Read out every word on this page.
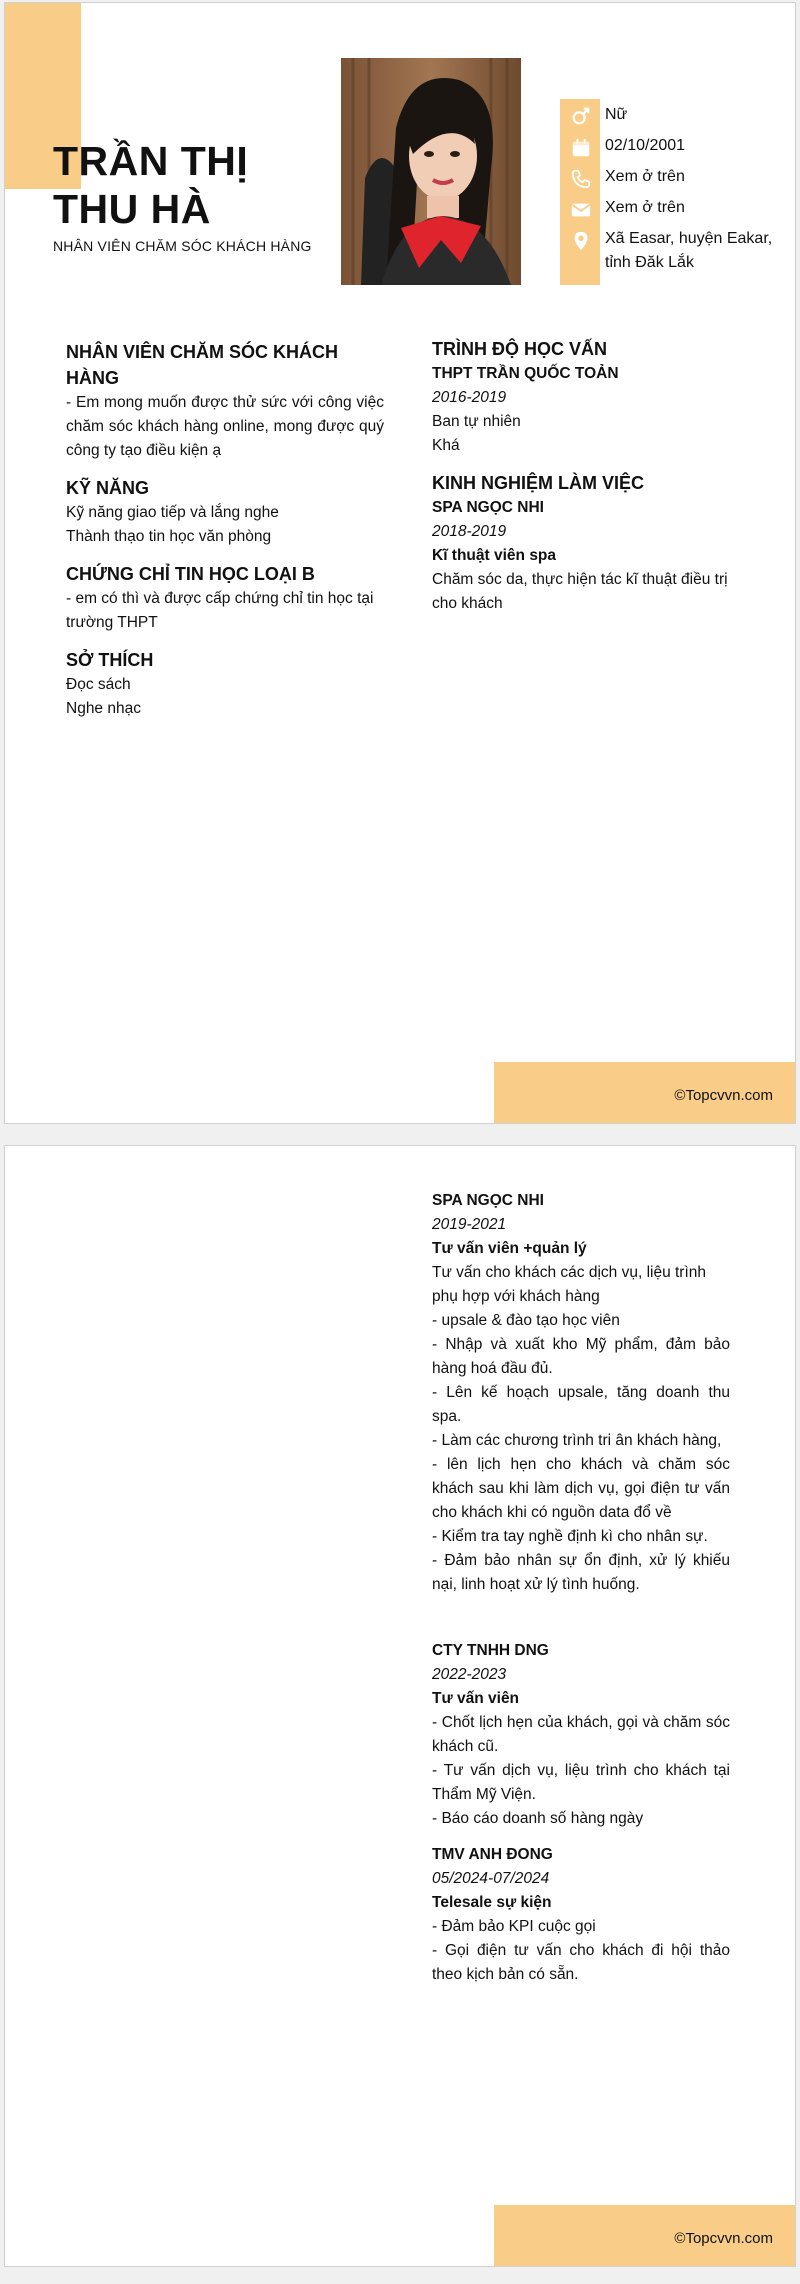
TRẦN THỊ THU HÀ
NHÂN VIÊN CHĂM SÓC KHÁCH HÀNG
Nữ
02/10/2001
Xem ở trên
Xem ở trên
Xã Easar, huyện Eakar, tỉnh Đăk Lắk
NHÂN VIÊN CHĂM SÓC KHÁCH HÀNG

- Em mong muốn được thử sức với công việc chăm sóc khách hàng online, mong được quý công ty tạo điều kiện ạ

KỸ NĂNG
Kỹ năng giao tiếp và lắng nghe
Thành thạo tin học văn phòng
CHỨNG CHỈ TIN HỌC LOẠI B

- em có thì và được cấp chứng chỉ tin học tại trường THPT

SỞ THÍCH
Đọc sách
Nghe nhạc
TRÌNH ĐỘ HỌC VẤN
THPT TRẦN QUỐC TOẢN
2016-2019
Ban tự nhiên
Khá
KINH NGHIỆM LÀM VIỆC
SPA NGỌC NHI
2018-2019
Kĩ thuật viên spa

Chăm sóc da, thực hiện tác kĩ thuật điều trị cho khách

©Topcvvn.com
SPA NGỌC NHI
2019-2021
Tư vấn viên +quản lý

Tư vấn cho khách các dịch vụ, liệu trình phụ hợp với khách hàng

- upsale & đào tạo học viên

- Nhập và xuất kho Mỹ phẩm, đảm bảo hàng hoá đầu đủ.

- Lên kế hoạch upsale, tăng doanh thu spa.

- Làm các chương trình tri ân khách hàng,

- lên lịch hẹn cho khách và chăm sóc khách sau khi làm dịch vụ, gọi điện tư vấn cho khách khi có nguồn data đổ về

- Kiểm tra tay nghề định kì cho nhân sự.

- Đảm bảo nhân sự ổn định, xử lý khiếu nại, linh hoạt xử lý tình huống.

CTY TNHH DNG
2022-2023
Tư vấn viên

- Chốt lịch hẹn của khách, gọi và chăm sóc khách cũ.

- Tư vấn dịch vụ, liệu trình cho khách tại Thẩm Mỹ Viện.

- Báo cáo doanh số hàng ngày

TMV ANH ĐONG
05/2024-07/2024
Telesale sự kiện

- Đảm bảo KPI cuộc gọi

- Gọi điện tư vấn cho khách đi hội thảo theo kịch bản có sẵn.

©Topcvvn.com
